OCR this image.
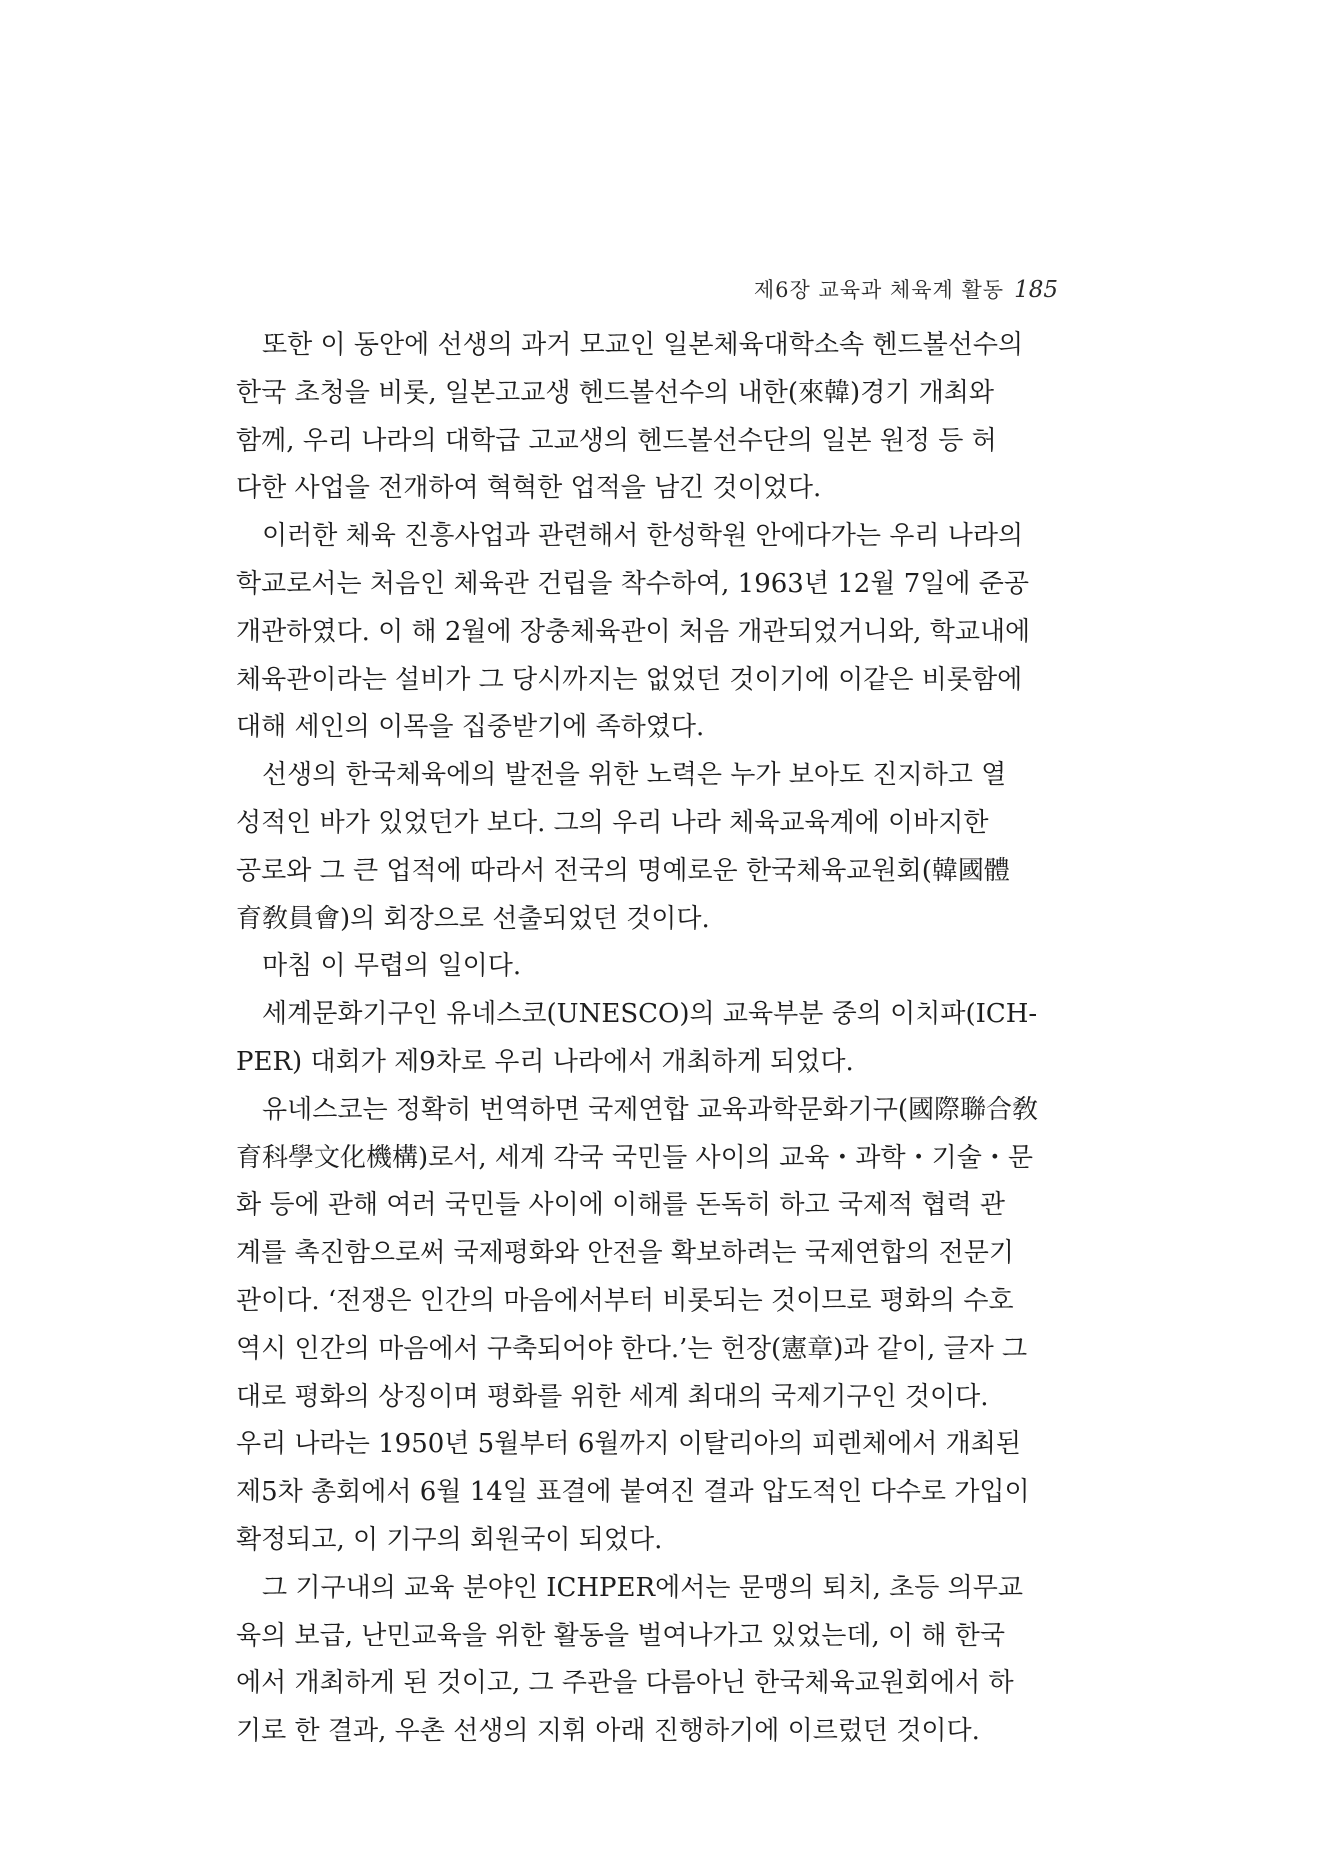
제6장 교육과 체육계 활동 185

또한 이 동안에 선생의 과거 모교인 일본체육대학소속 헨드볼선수의
한국 초청을 비롯, 일본고교생 헨드볼선수의 내한(來韓)경기 개최와
함께, 우리 나라의 대학급 고교생의 헨드볼선수단의 일본 원정 등 허
다한 사업을 전개하여 혁혁한 업적을 남긴 것이었다.

이러한 체육 진흥사업과 관련해서 한성학원 안에다가는 우리 나라의
학교로서는 처음인 체육관 건립을 착수하여, 1963년 12월 7일에 준공
개관하였다. 이 해 2월에 장충체육관이 처음 개관되었거니와, 학교내에
체육관이라는 설비가 그 당시까지는 없었던 것이기에 이같은 비롯함에
대해 세인의 이목을 집중받기에 족하였다.

선생의 한국체육에의 발전을 위한 노력은 누가 보아도 진지하고 열
성적인 바가 있었던가 보다. 그의 우리 나라 체육교육계에 이바지한
공로와 그 큰 업적에 따라서 전국의 명예로운 한국체육교원회(韓國體
育敎員會)의 회장으로 선출되었던 것이다.

마침 이 무렵의 일이다.

세계문화기구인 유네스코(UNESCO)의 교육부분 중의 이치파(ICH-
PER) 대회가 제9차로 우리 나라에서 개최하게 되었다.

유네스코는 정확히 번역하면 국제연합 교육과학문화기구(國際聯合敎
育科學文化機構)로서, 세계 각국 국민들 사이의 교육・과학・기술・문
화 등에 관해 여러 국민들 사이에 이해를 돈독히 하고 국제적 협력 관
계를 촉진함으로써 국제평화와 안전을 확보하려는 국제연합의 전문기
관이다. ‘전쟁은 인간의 마음에서부터 비롯되는 것이므로 평화의 수호
역시 인간의 마음에서 구축되어야 한다.’는 헌장(憲章)과 같이, 글자 그
대로 평화의 상징이며 평화를 위한 세계 최대의 국제기구인 것이다.
우리 나라는 1950년 5월부터 6월까지 이탈리아의 피렌체에서 개최된
제5차 총회에서 6월 14일 표결에 붙여진 결과 압도적인 다수로 가입이
확정되고, 이 기구의 회원국이 되었다.

그 기구내의 교육 분야인 ICHPER에서는 문맹의 퇴치, 초등 의무교
육의 보급, 난민교육을 위한 활동을 벌여나가고 있었는데, 이 해 한국
에서 개최하게 된 것이고, 그 주관을 다름아닌 한국체육교원회에서 하
기로 한 결과, 우촌 선생의 지휘 아래 진행하기에 이르렀던 것이다.
